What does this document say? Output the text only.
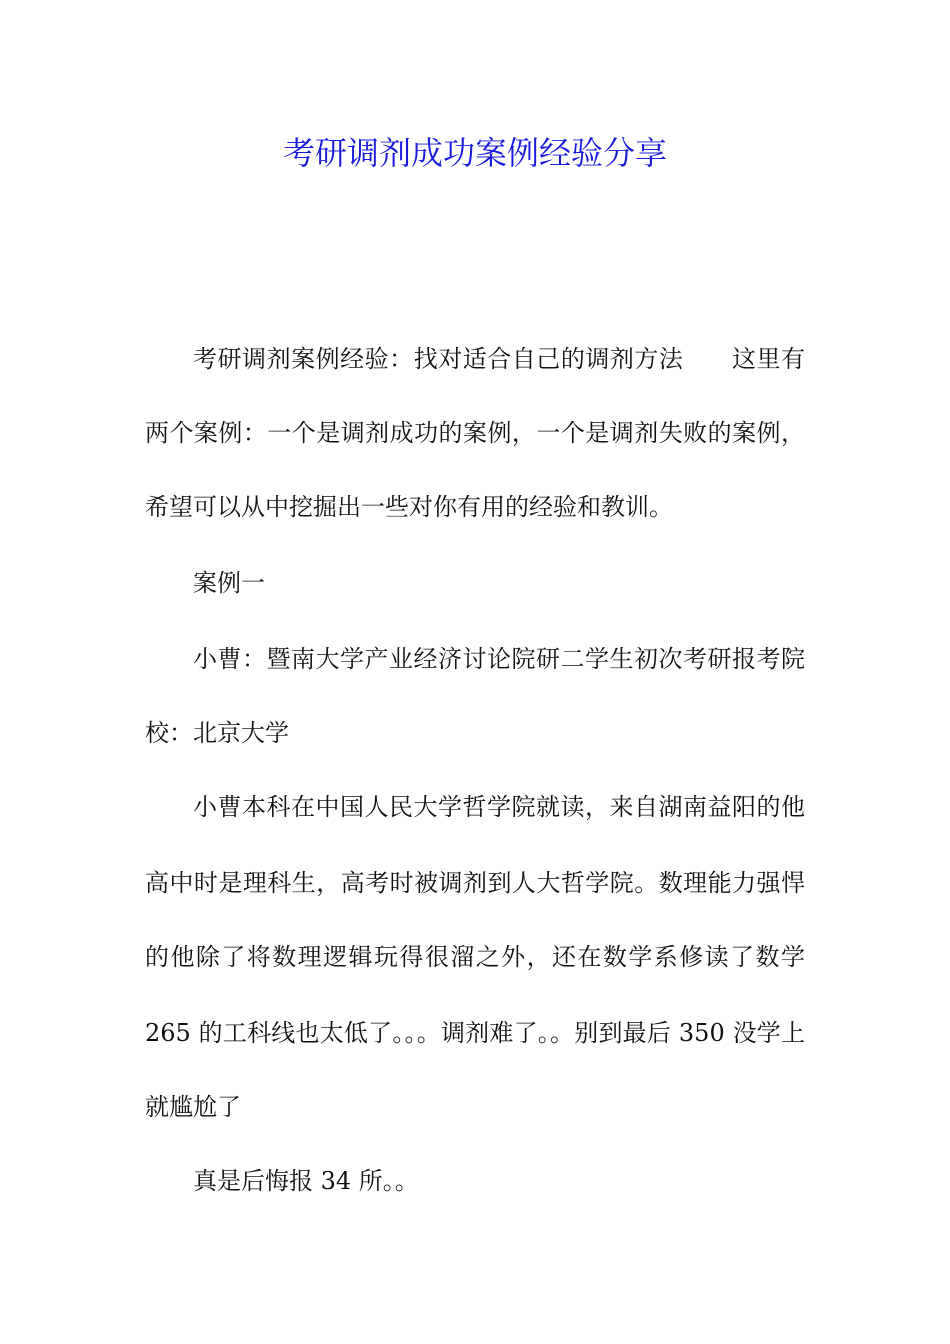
考研调剂成功案例经验分享
考研调剂案例经验：找对适合自己的调剂方法 这里有
两个案例：一个是调剂成功的案例，一个是调剂失败的案例，
希望可以从中挖掘出一些对你有用的经验和教训。
案例一
小曹：暨南大学产业经济讨论院研二学生初次考研报考院
校：北京大学
小曹本科在中国人民大学哲学院就读，来自湖南益阳的他
高中时是理科生，高考时被调剂到人大哲学院。数理能力强悍
的他除了将数理逻辑玩得很溜之外，还在数学系修读了数学
265 的工科线也太低了。。。调剂难了。。别到最后 350 没学上
就尴尬了
真是后悔报 34 所。。
